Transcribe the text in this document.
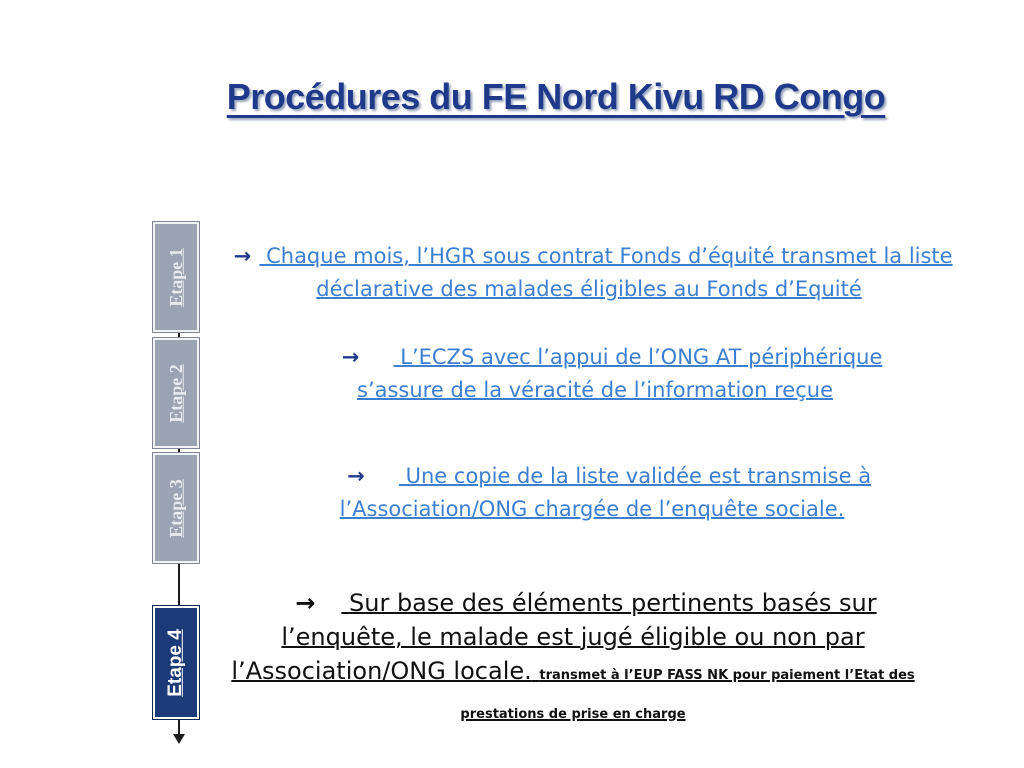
Procédures du FE Nord Kivu RD Congo
Etape 1
Etape 2
Etape 3
Etape 4
→ Chaque mois, l’HGR sous contrat Fonds d’équité transmet la liste déclarative des malades éligibles au Fonds d’Equité
→ L’ECZS avec l’appui de l’ONG AT périphérique s’assure de la véracité de l’information reçue
→ Une copie de la liste validée est transmise à l’Association/ONG chargée de l’enquête sociale.
→ Sur base des éléments pertinents basés sur l’enquête, le malade est jugé éligible ou non par l’Association/ONG locale. transmet à l’EUP FASS NK pour paiement l’Etat des prestations de prise en charge
